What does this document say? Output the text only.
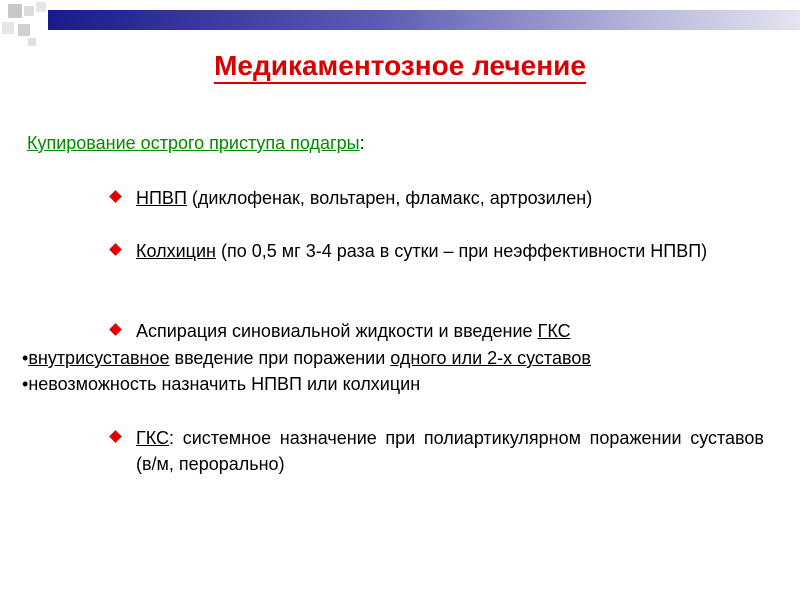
Медикаментозное лечение
Купирование острого приступа подагры:
НПВП (диклофенак, вольтарен, фламакс, артрозилен)
Колхицин (по 0,5 мг 3-4 раза в сутки – при неэффективности НПВП)
Аспирация синовиальной жидкости и введение ГКС
•внутрисуставное введение при поражении одного или 2-х суставов
•невозможность назначить НПВП или колхицин
ГКС: системное назначение при полиартикулярном поражении суставов (в/м, перорально)
